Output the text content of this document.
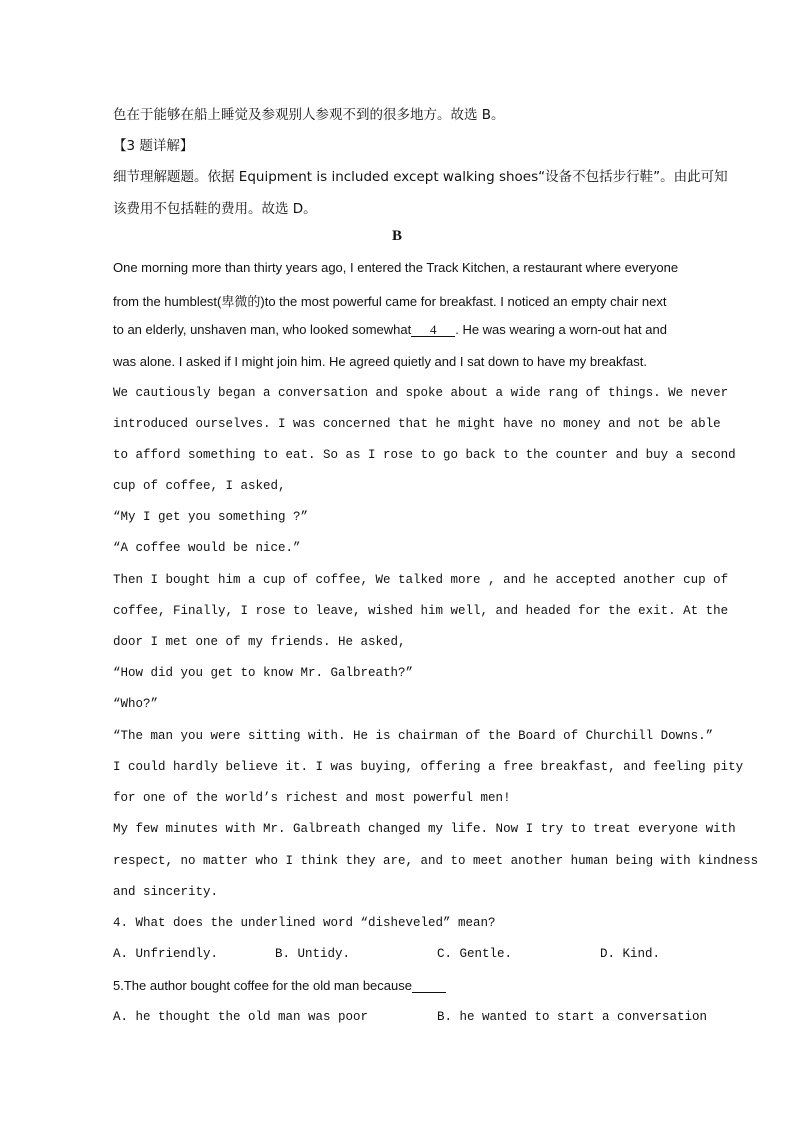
色在于能够在船上睡觉及参观别人参观不到的很多地方。故选 B。
【3 题详解】
细节理解题题。依据 Equipment is included except walking shoes“设备不包括步行鞋”。由此可知
该费用不包括鞋的费用。故选 D。
B
One morning more than thirty years ago, I entered the Track Kitchen, a restaurant where everyone
from the humblest(卑微的)to the most powerful came for breakfast. I noticed an empty chair next
to an elderly, unshaven man, who looked somewhat 4 . He was wearing a worn-out hat and
was alone. I asked if I might join him. He agreed quietly and I sat down to have my breakfast.
We cautiously began a conversation and spoke about a wide rang of things. We never
introduced ourselves. I was concerned that he might have no money and not be able
to afford something to eat. So as I rose to go back to the counter and buy a second
cup of coffee, I asked,
“My I get you something ?”
“A coffee would be nice.”
Then I bought him a cup of coffee, We talked more , and he accepted another cup of
coffee, Finally, I rose to leave, wished him well, and headed for the exit. At the
door I met one of my friends. He asked,
“How did you get to know Mr. Galbreath?”
“Who?”
“The man you were sitting with. He is chairman of the Board of Churchill Downs.”
I could hardly believe it. I was buying, offering a free breakfast, and feeling pity
for one of the world’s richest and most powerful men!
My few minutes with Mr. Galbreath changed my life. Now I try to treat everyone with
respect, no matter who I think they are, and to meet another human being with kindness
and sincerity.
4. What does the underlined word “disheveled” mean?
A. Unfriendly.	B. Untidy.	C. Gentle.	D. Kind.
5.The author bought coffee for the old man because
A. he thought the old man was poor	B. he wanted to start a conversation
